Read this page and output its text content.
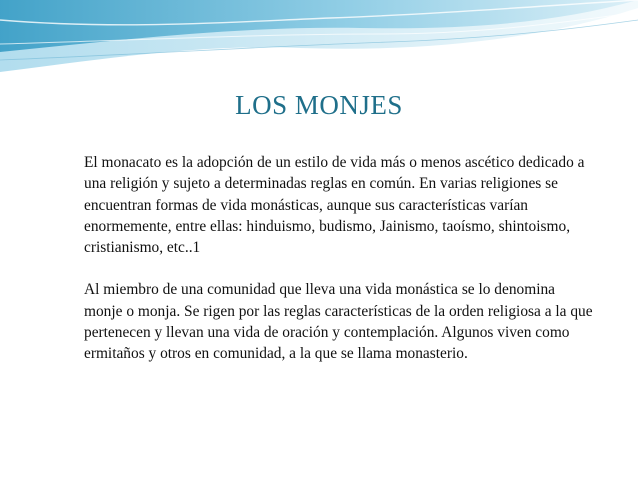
LOS MONJES

El monacato es la adopción de un estilo de vida más o menos ascético dedicado a una religión y sujeto a determinadas reglas en común. En varias religiones se encuentran formas de vida monásticas, aunque sus características varían enormemente, entre ellas: hinduismo, budismo, Jainismo, taoísmo, shintoismo, cristianismo, etc..1

Al miembro de una comunidad que lleva una vida monástica se lo denomina monje o monja. Se rigen por las reglas características de la orden religiosa a la que pertenecen y llevan una vida de oración y contemplación. Algunos viven como ermitaños y otros en comunidad, a la que se llama monasterio.
